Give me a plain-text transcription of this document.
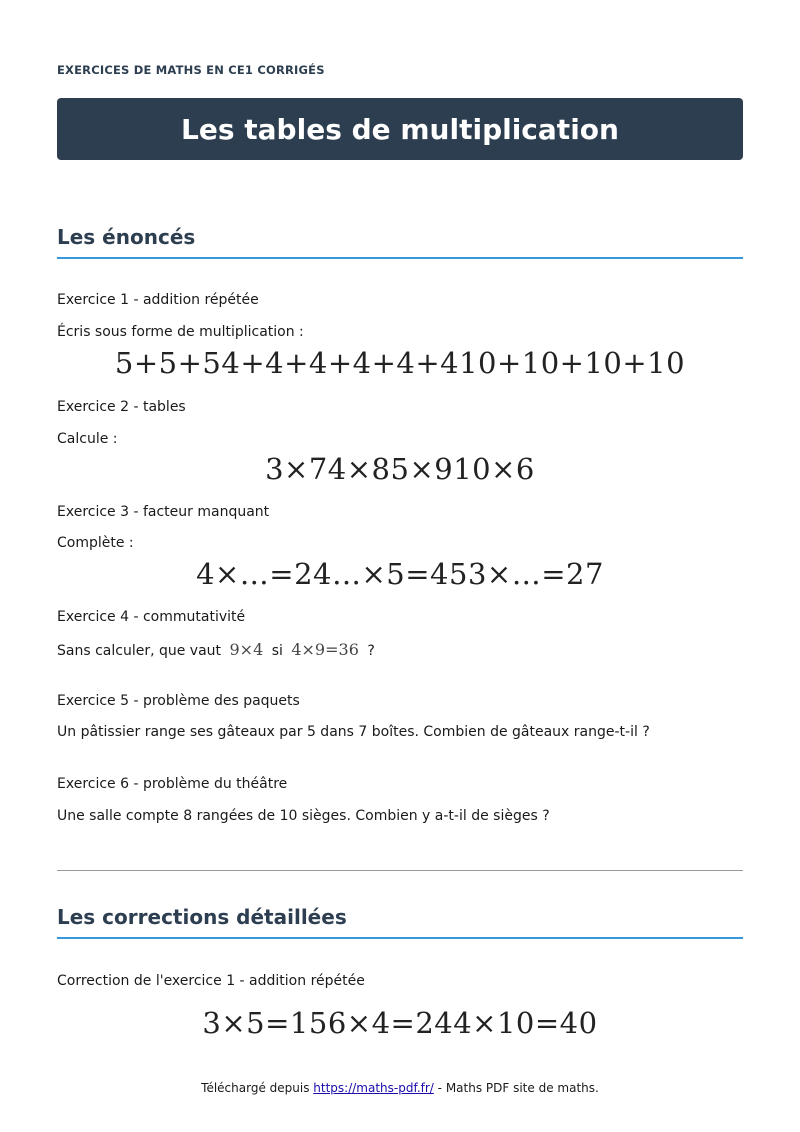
EXERCICES DE MATHS EN CE1 CORRIGÉS
Les tables de multiplication
Les énoncés
Exercice 1 - addition répétée
Écris sous forme de multiplication :
5+5+54+4+4+4+4+410+10+10+10
Exercice 2 - tables
Calcule :
3×74×85×910×6
Exercice 3 - facteur manquant
Complète :
4×…=24…×5=453×…=27
Exercice 4 - commutativité
Sans calculer, que vaut 9×4 si 4×9=36 ?
Exercice 5 - problème des paquets
Un pâtissier range ses gâteaux par 5 dans 7 boîtes. Combien de gâteaux range-t-il ?
Exercice 6 - problème du théâtre
Une salle compte 8 rangées de 10 sièges. Combien y a-t-il de sièges ?
Les corrections détaillées
Correction de l'exercice 1 - addition répétée
3×5=156×4=244×10=40
Téléchargé depuis https://maths-pdf.fr/ - Maths PDF site de maths.
